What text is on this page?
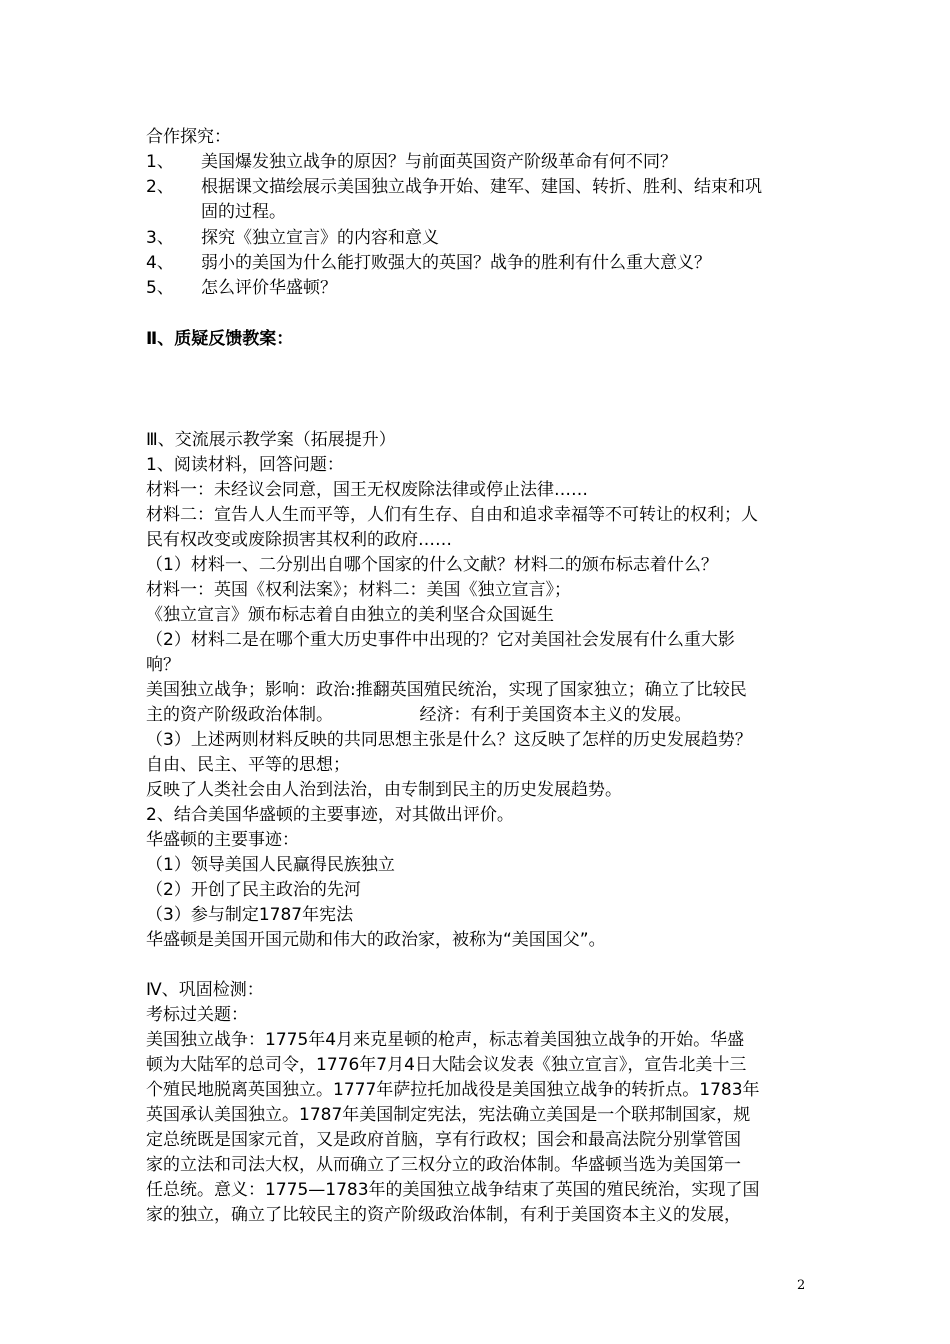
合作探究：
1、 美国爆发独立战争的原因？与前面英国资产阶级革命有何不同？
2、 根据课文描绘展示美国独立战争开始、建军、建国、转折、胜利、结束和巩
固的过程。
3、 探究《独立宣言》的内容和意义
4、 弱小的美国为什么能打败强大的英国？战争的胜利有什么重大意义？
5、 怎么评价华盛顿？
Ⅱ、质疑反馈教案：
Ⅲ、交流展示教学案（拓展提升）
1、阅读材料，回答问题：
材料一：未经议会同意，国王无权废除法律或停止法律……
材料二：宣告人人生而平等，人们有生存、自由和追求幸福等不可转让的权利；人
民有权改变或废除损害其权利的政府……
（1）材料一、二分别出自哪个国家的什么文献？材料二的颁布标志着什么？
材料一：英国《权利法案》；材料二：美国《独立宣言》；
《独立宣言》颁布标志着自由独立的美利坚合众国诞生
（2）材料二是在哪个重大历史事件中出现的？它对美国社会发展有什么重大影
响？
美国独立战争；影响：政治:推翻英国殖民统治，实现了国家独立；确立了比较民
主的资产阶级政治体制。                经济：有利于美国资本主义的发展。
（3）上述两则材料反映的共同思想主张是什么？这反映了怎样的历史发展趋势？
自由、民主、平等的思想；
反映了人类社会由人治到法治，由专制到民主的历史发展趋势。
2、结合美国华盛顿的主要事迹，对其做出评价。
华盛顿的主要事迹：
（1）领导美国人民赢得民族独立
（2）开创了民主政治的先河
（3）参与制定1787年宪法
华盛顿是美国开国元勋和伟大的政治家，被称为“美国国父”。
Ⅳ、巩固检测：
考标过关题：
美国独立战争：1775年4月来克星顿的枪声，标志着美国独立战争的开始。华盛
顿为大陆军的总司令，1776年7月4日大陆会议发表《独立宣言》，宣告北美十三
个殖民地脱离英国独立。1777年萨拉托加战役是美国独立战争的转折点。1783年
英国承认美国独立。1787年美国制定宪法，宪法确立美国是一个联邦制国家，规
定总统既是国家元首，又是政府首脑，享有行政权；国会和最高法院分别掌管国
家的立法和司法大权，从而确立了三权分立的政治体制。华盛顿当选为美国第一
任总统。意义：1775—1783年的美国独立战争结束了英国的殖民统治，实现了国
家的独立，确立了比较民主的资产阶级政治体制，有利于美国资本主义的发展，
2
